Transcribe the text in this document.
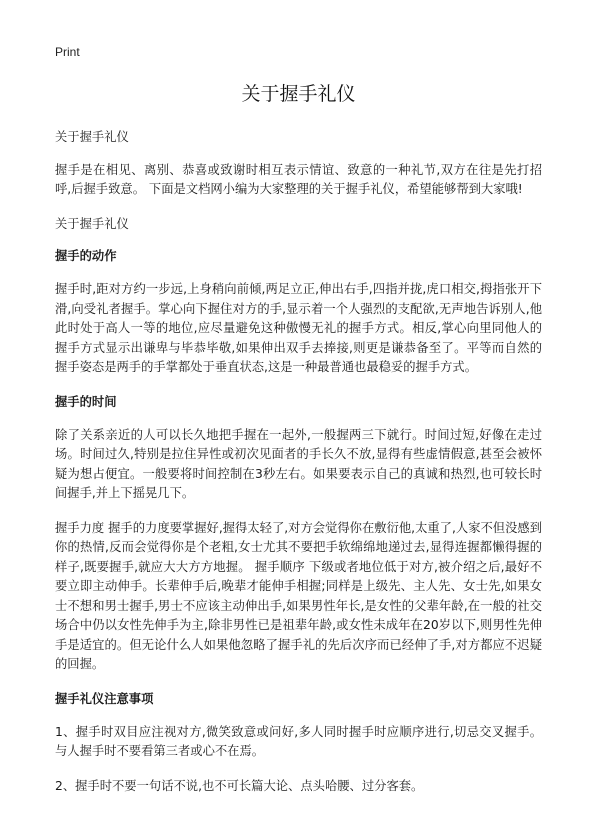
Print
关于握手礼仪

关于握手礼仪

握手是在相见、离别、恭喜或致谢时相互表示情谊、致意的一种礼节,双方在往是先打招呼,后握手致意。 下面是文档网小编为大家整理的关于握手礼仪，希望能够帮到大家哦!

关于握手礼仪

握手的动作

握手时,距对方约一步远,上身稍向前倾,两足立正,伸出右手,四指并拢,虎口相交,拇指张开下滑,向受礼者握手。掌心向下握住对方的手,显示着一个人强烈的支配欲,无声地告诉别人,他此时处于高人一等的地位,应尽量避免这种傲慢无礼的握手方式。相反,掌心向里同他人的握手方式显示出谦卑与毕恭毕敬,如果伸出双手去捧接,则更是谦恭备至了。平等而自然的握手姿态是两手的手掌都处于垂直状态,这是一种最普通也最稳妥的握手方式。

握手的时间

除了关系亲近的人可以长久地把手握在一起外,一般握两三下就行。时间过短,好像在走过场。时间过久,特别是拉住异性或初次见面者的手长久不放,显得有些虚情假意,甚至会被怀疑为想占便宜。一般要将时间控制在3秒左右。如果要表示自己的真诚和热烈,也可较长时间握手,并上下摇晃几下。

握手力度 握手的力度要掌握好,握得太轻了,对方会觉得你在敷衍他,太重了,人家不但没感到你的热情,反而会觉得你是个老粗,女士尤其不要把手软绵绵地递过去,显得连握都懒得握的样子,既要握手,就应大大方方地握。 握手顺序 下级或者地位低于对方,被介绍之后,最好不要立即主动伸手。长辈伸手后,晚辈才能伸手相握;同样是上级先、主人先、女士先,如果女士不想和男士握手,男士不应该主动伸出手,如果男性年长,是女性的父辈年龄,在一般的社交场合中仍以女性先伸手为主,除非男性已是祖辈年龄,或女性未成年在20岁以下,则男性先伸手是适宜的。但无论什么人如果他忽略了握手礼的先后次序而已经伸了手,对方都应不迟疑的回握。

握手礼仪注意事项

1、握手时双目应注视对方,微笑致意或问好,多人同时握手时应顺序进行,切忌交叉握手。 与人握手时不要看第三者或心不在焉。

2、握手时不要一句话不说,也不可长篇大论、点头哈腰、过分客套。
